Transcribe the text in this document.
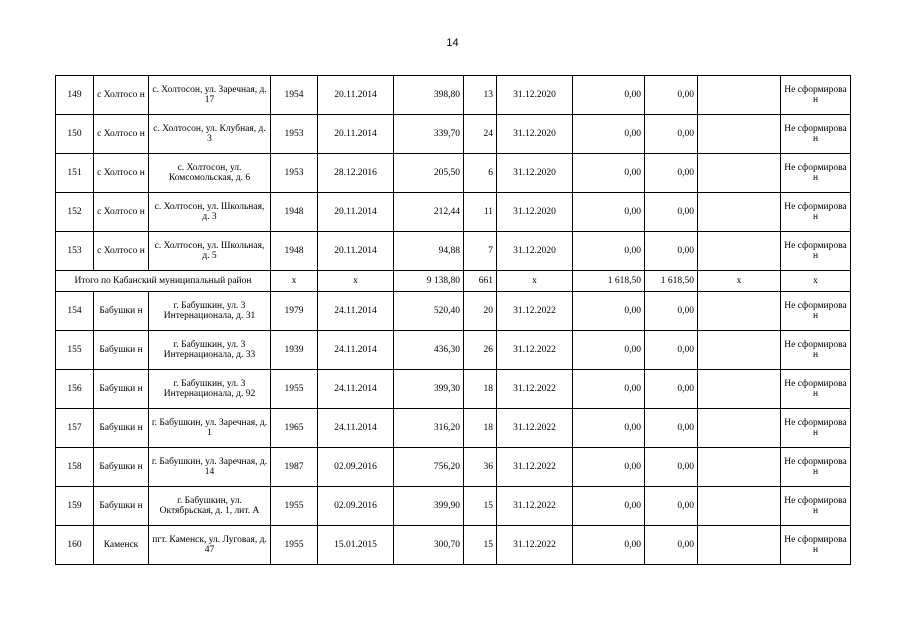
14
149	с Холтосо н	с. Холтосон, ул. Заречная, д. 17	1954	20.11.2014	398,80	13	31.12.2020	0,00	0,00		Не сформирова н
150	с Холтосо н	с. Холтосон, ул. Клубная, д. 3	1953	20.11.2014	339,70	24	31.12.2020	0,00	0,00		Не сформирова н
151	с Холтосо н	с. Холтосон, ул. Комсомольская, д. 6	1953	28.12.2016	205,50	6	31.12.2020	0,00	0,00		Не сформирова н
152	с Холтосо н	с. Холтосон, ул. Школьная, д. 3	1948	20.11.2014	212,44	11	31.12.2020	0,00	0,00		Не сформирова н
153	с Холтосо н	с. Холтосон, ул. Школьная, д. 5	1948	20.11.2014	94,88	7	31.12.2020	0,00	0,00		Не сформирова н
Итого по Кабанский муниципальный район			x	x	9 138,80	661	x	1 618,50	1 618,50	x	x
154	Бабушки н	г. Бабушкин, ул. 3 Интернационала, д. 31	1979	24.11.2014	520,40	20	31.12.2022	0,00	0,00		Не сформирова н
155	Бабушки н	г. Бабушкин, ул. 3 Интернационала, д. 33	1939	24.11.2014	436,30	26	31.12.2022	0,00	0,00		Не сформирова н
156	Бабушки н	г. Бабушкин, ул. 3 Интернационала, д. 92	1955	24.11.2014	399,30	18	31.12.2022	0,00	0,00		Не сформирова н
157	Бабушки н	г. Бабушкин, ул. Заречная, д. 1	1965	24.11.2014	316,20	18	31.12.2022	0,00	0,00		Не сформирова н
158	Бабушки н	г. Бабушкин, ул. Заречная, д. 14	1987	02.09.2016	756,20	36	31.12.2022	0,00	0,00		Не сформирова н
159	Бабушки н	г. Бабушкин, ул. Октябрьская, д. 1, лит. А	1955	02.09.2016	399,90	15	31.12.2022	0,00	0,00		Не сформирова н
160	Каменск	пгт. Каменск, ул. Луговая, д. 47	1955	15.01.2015	300,70	15	31.12.2022	0,00	0,00		Не сформирова н
